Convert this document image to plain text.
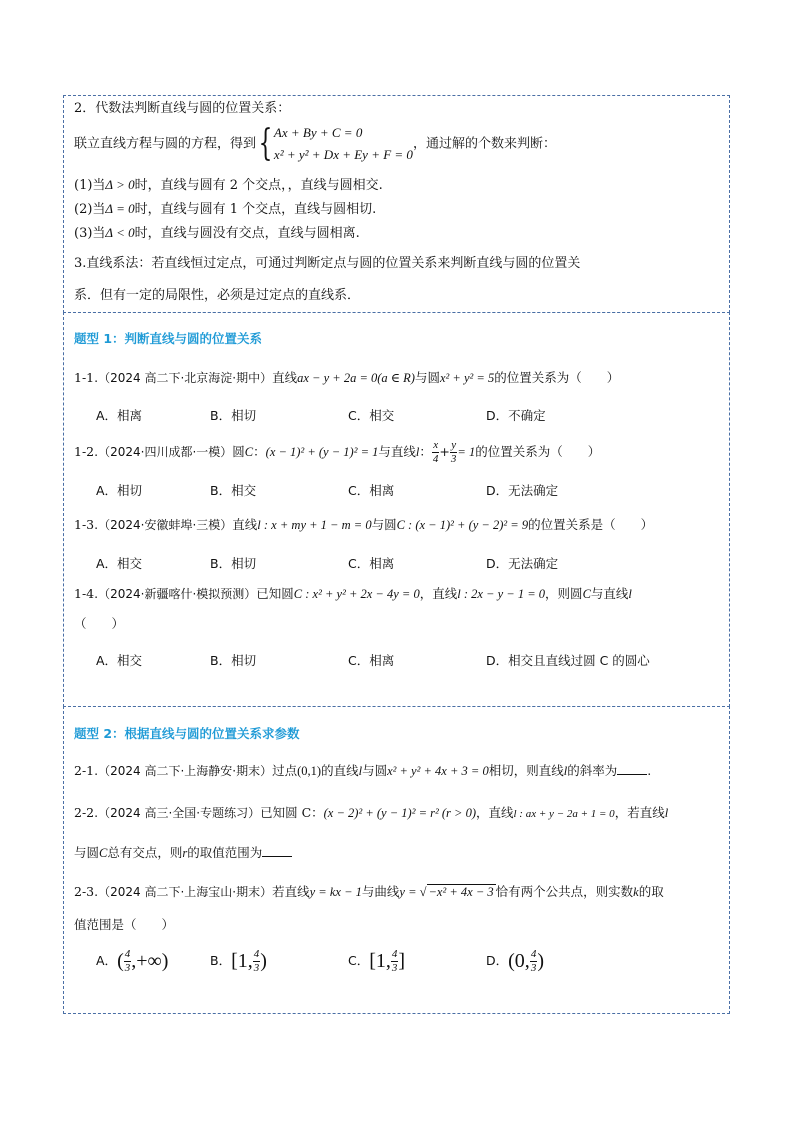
2．代数法判断直线与圆的位置关系：
联立直线方程与圆的方程，得到{ Ax + By + C = 0
x² + y² + Dx + Ey + F = 0
，通过解的个数来判断：
(1)当Δ > 0时，直线与圆有 2 个交点，，直线与圆相交.
(2)当Δ = 0时，直线与圆有 1 个交点，直线与圆相切.
(3)当Δ < 0时，直线与圆没有交点，直线与圆相离.
3.直线系法：若直线恒过定点，可通过判断定点与圆的位置关系来判断直线与圆的位置关
系．但有一定的局限性，必须是过定点的直线系．
题型 1：判断直线与圆的位置关系
1-1.（2024 高二下·北京海淀·期中）直线ax − y + 2a = 0(a ∈ R)与圆x² + y² = 5的位置关系为（　　）
A．相离	B．相切	C．相交	D．不确定
1-2.（2024·四川成都·一模）圆C：(x − 1)² + (y − 1)² = 1与直线l： $\frac{x}{4} + \frac{y}{3} = 1$的位置关系为（　　）
A．相切	B．相交	C．相离	D．无法确定
1-3.（2024·安徽蚌埠·三模）直线l : x + my + 1 − m = 0与圆C : (x − 1)² + (y − 2)² = 9的位置关系是（　　）
A．相交	B．相切	C．相离	D．无法确定
1-4.（2024·新疆喀什·模拟预测）已知圆C : x² + y² + 2x − 4y = 0，直线l : 2x − y − 1 = 0，则圆C与直线l
（　　）
A．相交	B．相切	C．相离	D．相交且直线过圆 C 的圆心
题型 2：根据直线与圆的位置关系求参数
2-1.（2024 高二下·上海静安·期末）过点(0,1)的直线l与圆x² + y² + 4x + 3 = 0相切，则直线l的斜率为 .
2-2.（2024 高三·全国·专题练习）已知圆 C：(x − 2)² + (y − 1)² = r² (r > 0)，直线l : ax + y − 2a + 1 = 0，若直线l
与圆C总有交点，则r的取值范围为
2-3.（2024 高二下·上海宝山·期末）若直线y = kx − 1与曲线y = √ −x² + 4x − 3 恰有两个公共点，则实数k的取
值范围是（　　）
A．( $\frac{4}{3}$ ,+∞)	B．[1, $\frac{4}{3}$ )	C．[1, $\frac{4}{3}$ ]	D．(0, $\frac{4}{3}$ )
